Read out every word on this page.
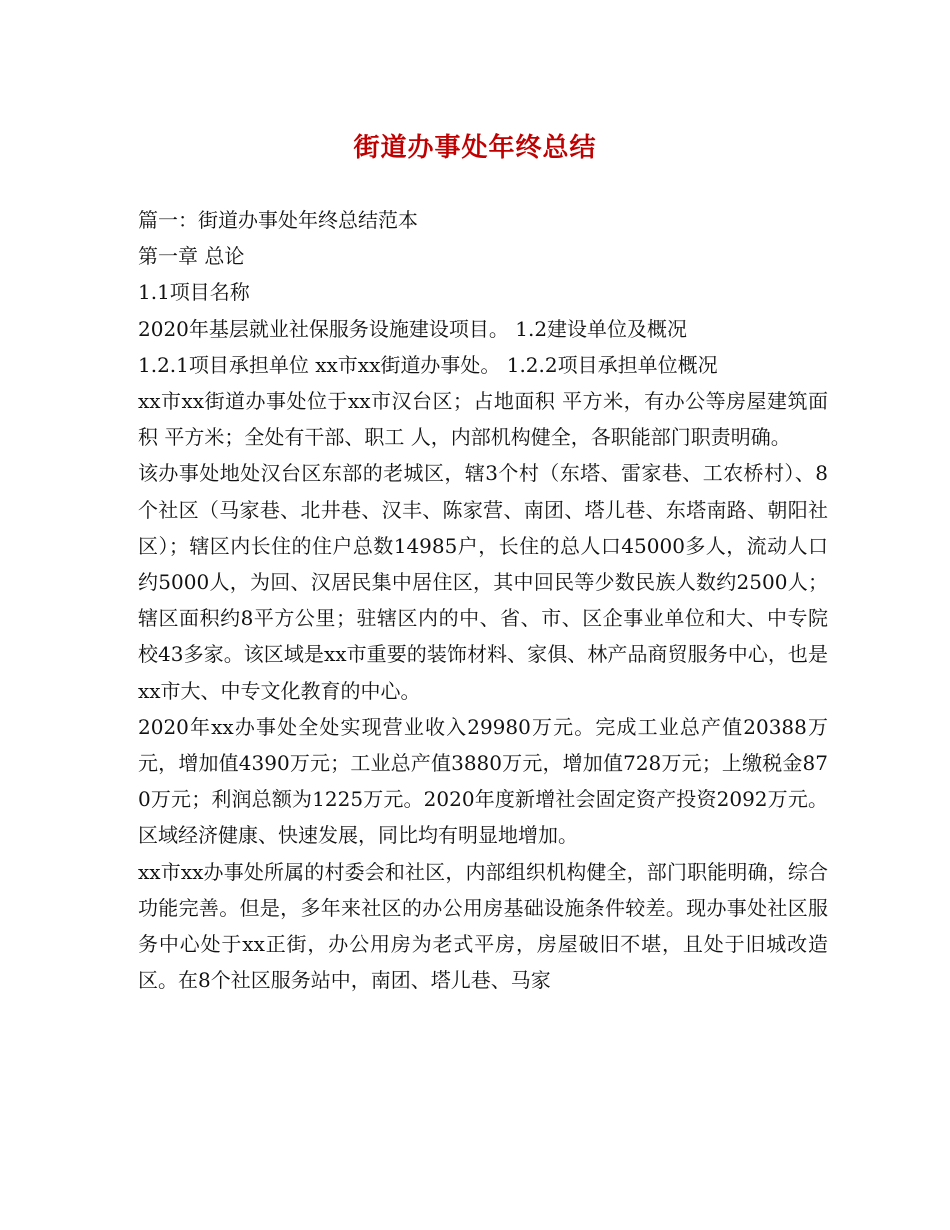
街道办事处年终总结

篇一：街道办事处年终总结范本

第一章 总论

1.1项目名称

2020年基层就业社保服务设施建设项目。 1.2建设单位及概况

1.2.1项目承担单位 xx市xx街道办事处。 1.2.2项目承担单位概况

xx市xx街道办事处位于xx市汉台区；占地面积 平方米，有办公等房屋建筑面积 平方米；全处有干部、职工 人，内部机构健全，各职能部门职责明确。

该办事处地处汉台区东部的老城区，辖3个村（东塔、雷家巷、工农桥村）、8个社区（马家巷、北井巷、汉丰、陈家营、南团、塔儿巷、东塔南路、朝阳社区）；辖区内长住的住户总数14985户，长住的总人口45000多人，流动人口约5000人，为回、汉居民集中居住区，其中回民等少数民族人数约2500人；辖区面积约8平方公里；驻辖区内的中、省、市、区企事业单位和大、中专院校43多家。该区域是xx市重要的装饰材料、家俱、林产品商贸服务中心，也是xx市大、中专文化教育的中心。

2020年xx办事处全处实现营业收入29980万元。完成工业总产值20388万元，增加值4390万元；工业总产值3880万元，增加值728万元；上缴税金870万元；利润总额为1225万元。2020年度新增社会固定资产投资2092万元。区域经济健康、快速发展，同比均有明显地增加。

xx市xx办事处所属的村委会和社区，内部组织机构健全，部门职能明确，综合功能完善。但是，多年来社区的办公用房基础设施条件较差。现办事处社区服务中心处于xx正街，办公用房为老式平房，房屋破旧不堪，且处于旧城改造区。在8个社区服务站中，南团、塔儿巷、马家
